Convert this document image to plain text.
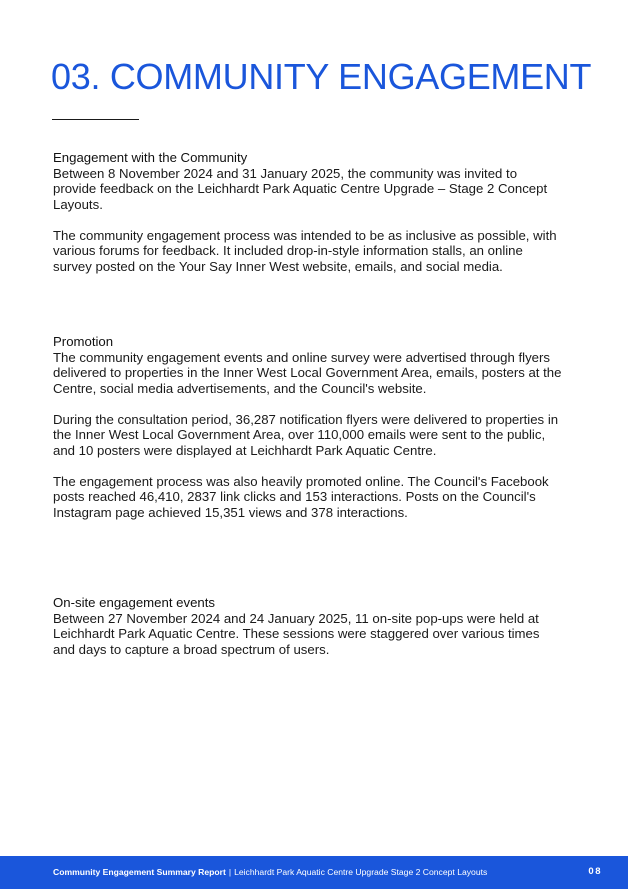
03. COMMUNITY ENGAGEMENT
Engagement with the Community

Between 8 November 2024 and 31 January 2025, the community was invited to provide feedback on the Leichhardt Park Aquatic Centre Upgrade – Stage 2 Concept Layouts.

The community engagement process was intended to be as inclusive as possible, with various forums for feedback. It included drop-in-style information stalls, an online survey posted on the Your Say Inner West website, emails, and social media.

Promotion

The community engagement events and online survey were advertised through flyers delivered to properties in the Inner West Local Government Area, emails, posters at the Centre, social media advertisements, and the Council's website.

During the consultation period, 36,287 notification flyers were delivered to properties in the Inner West Local Government Area, over 110,000 emails were sent to the public, and 10 posters were displayed at Leichhardt Park Aquatic Centre.

The engagement process was also heavily promoted online. The Council's Facebook posts reached 46,410, 2837 link clicks and 153 interactions. Posts on the Council's Instagram page achieved 15,351 views and 378 interactions.

On-site engagement events

Between 27 November 2024 and 24 January 2025, 11 on-site pop-ups were held at Leichhardt Park Aquatic Centre. These sessions were staggered over various times and days to capture a broad spectrum of users.

Community Engagement Summary Report | Leichhardt Park Aquatic Centre Upgrade Stage 2 Concept Layouts	08
